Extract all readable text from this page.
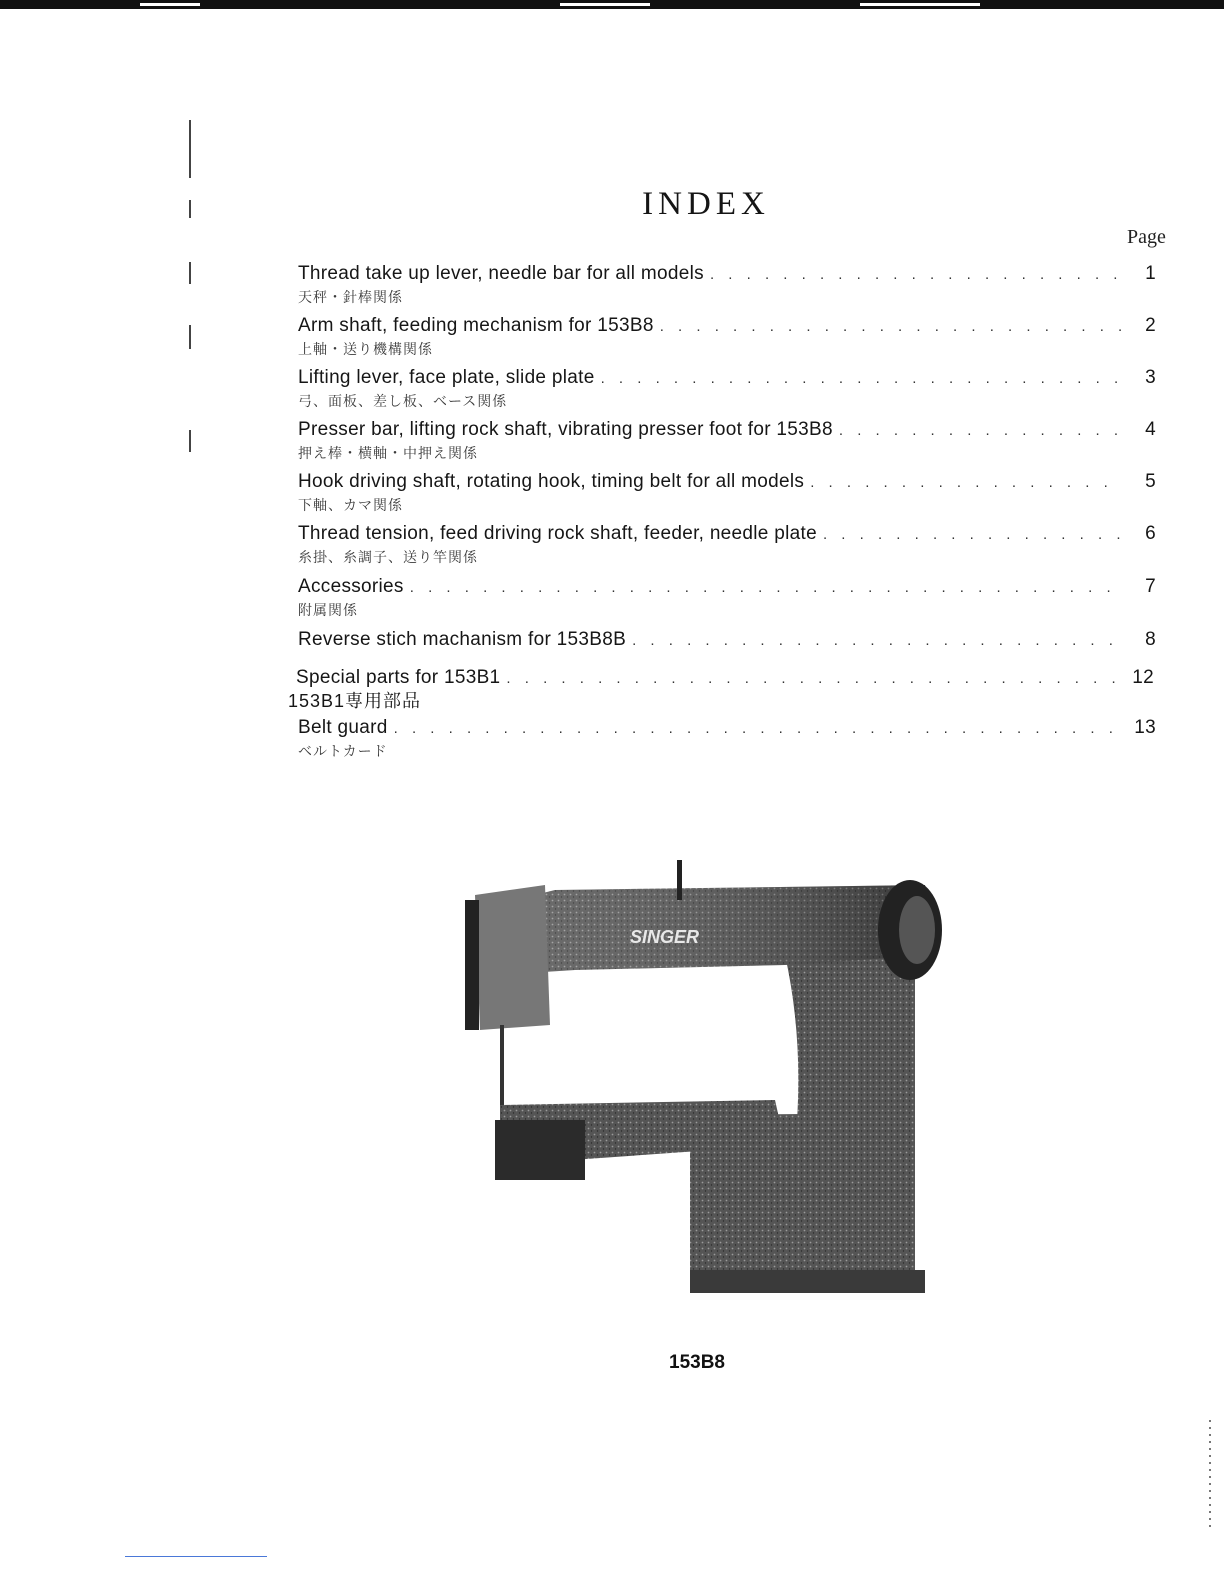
INDEX
Page
Thread take up lever, needle bar for all models . . .	1
天秤・針棒関係
Arm shaft, feeding mechanism for 153B8 . . .	2
上軸・送り機構関係
Lifting lever, face plate, slide plate . . .	3
弓、面板、差し板、ベース関係
Presser bar, lifting rock shaft, vibrating presser foot for 153B8 . . .	4
押え棒・横軸・中押え関係
Hook driving shaft, rotating hook, timing belt for all models . . .	5
下軸、カマ関係
Thread tension, feed driving rock shaft, feeder, needle plate . . .	6
糸掛、糸調子、送り竿関係
Accessories . . .	7
附属関係
Reverse stich machanism for 153B8B . . .	8
Special parts for 153B1 . . .	12
153B1専用部品
Belt guard . . .	13
ベルトカード
SINGER
153B8
